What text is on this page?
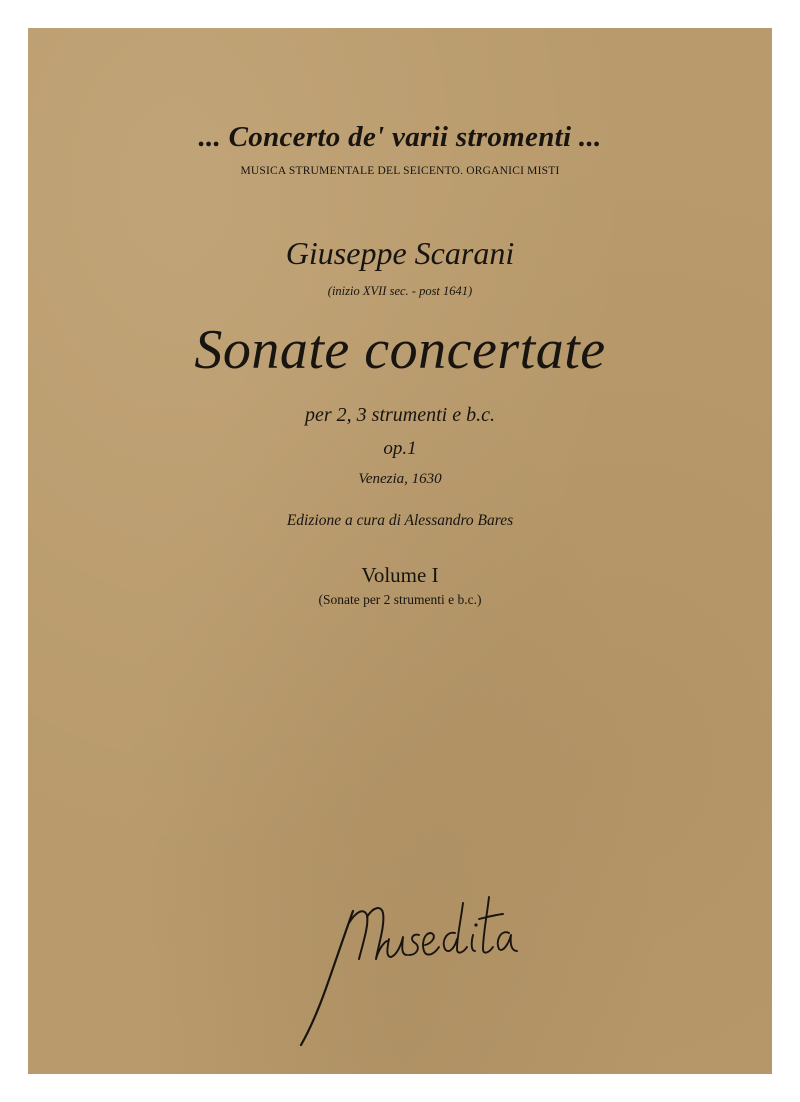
... Concerto de' varii stromenti ...
MUSICA STRUMENTALE DEL SEICENTO. ORGANICI MISTI
Giuseppe Scarani
(inizio XVII sec. - post 1641)
Sonate concertate
per 2, 3 strumenti e b.c.
op.1
Venezia, 1630
Edizione a cura di Alessandro Bares
Volume I
(Sonate per 2 strumenti e b.c.)
